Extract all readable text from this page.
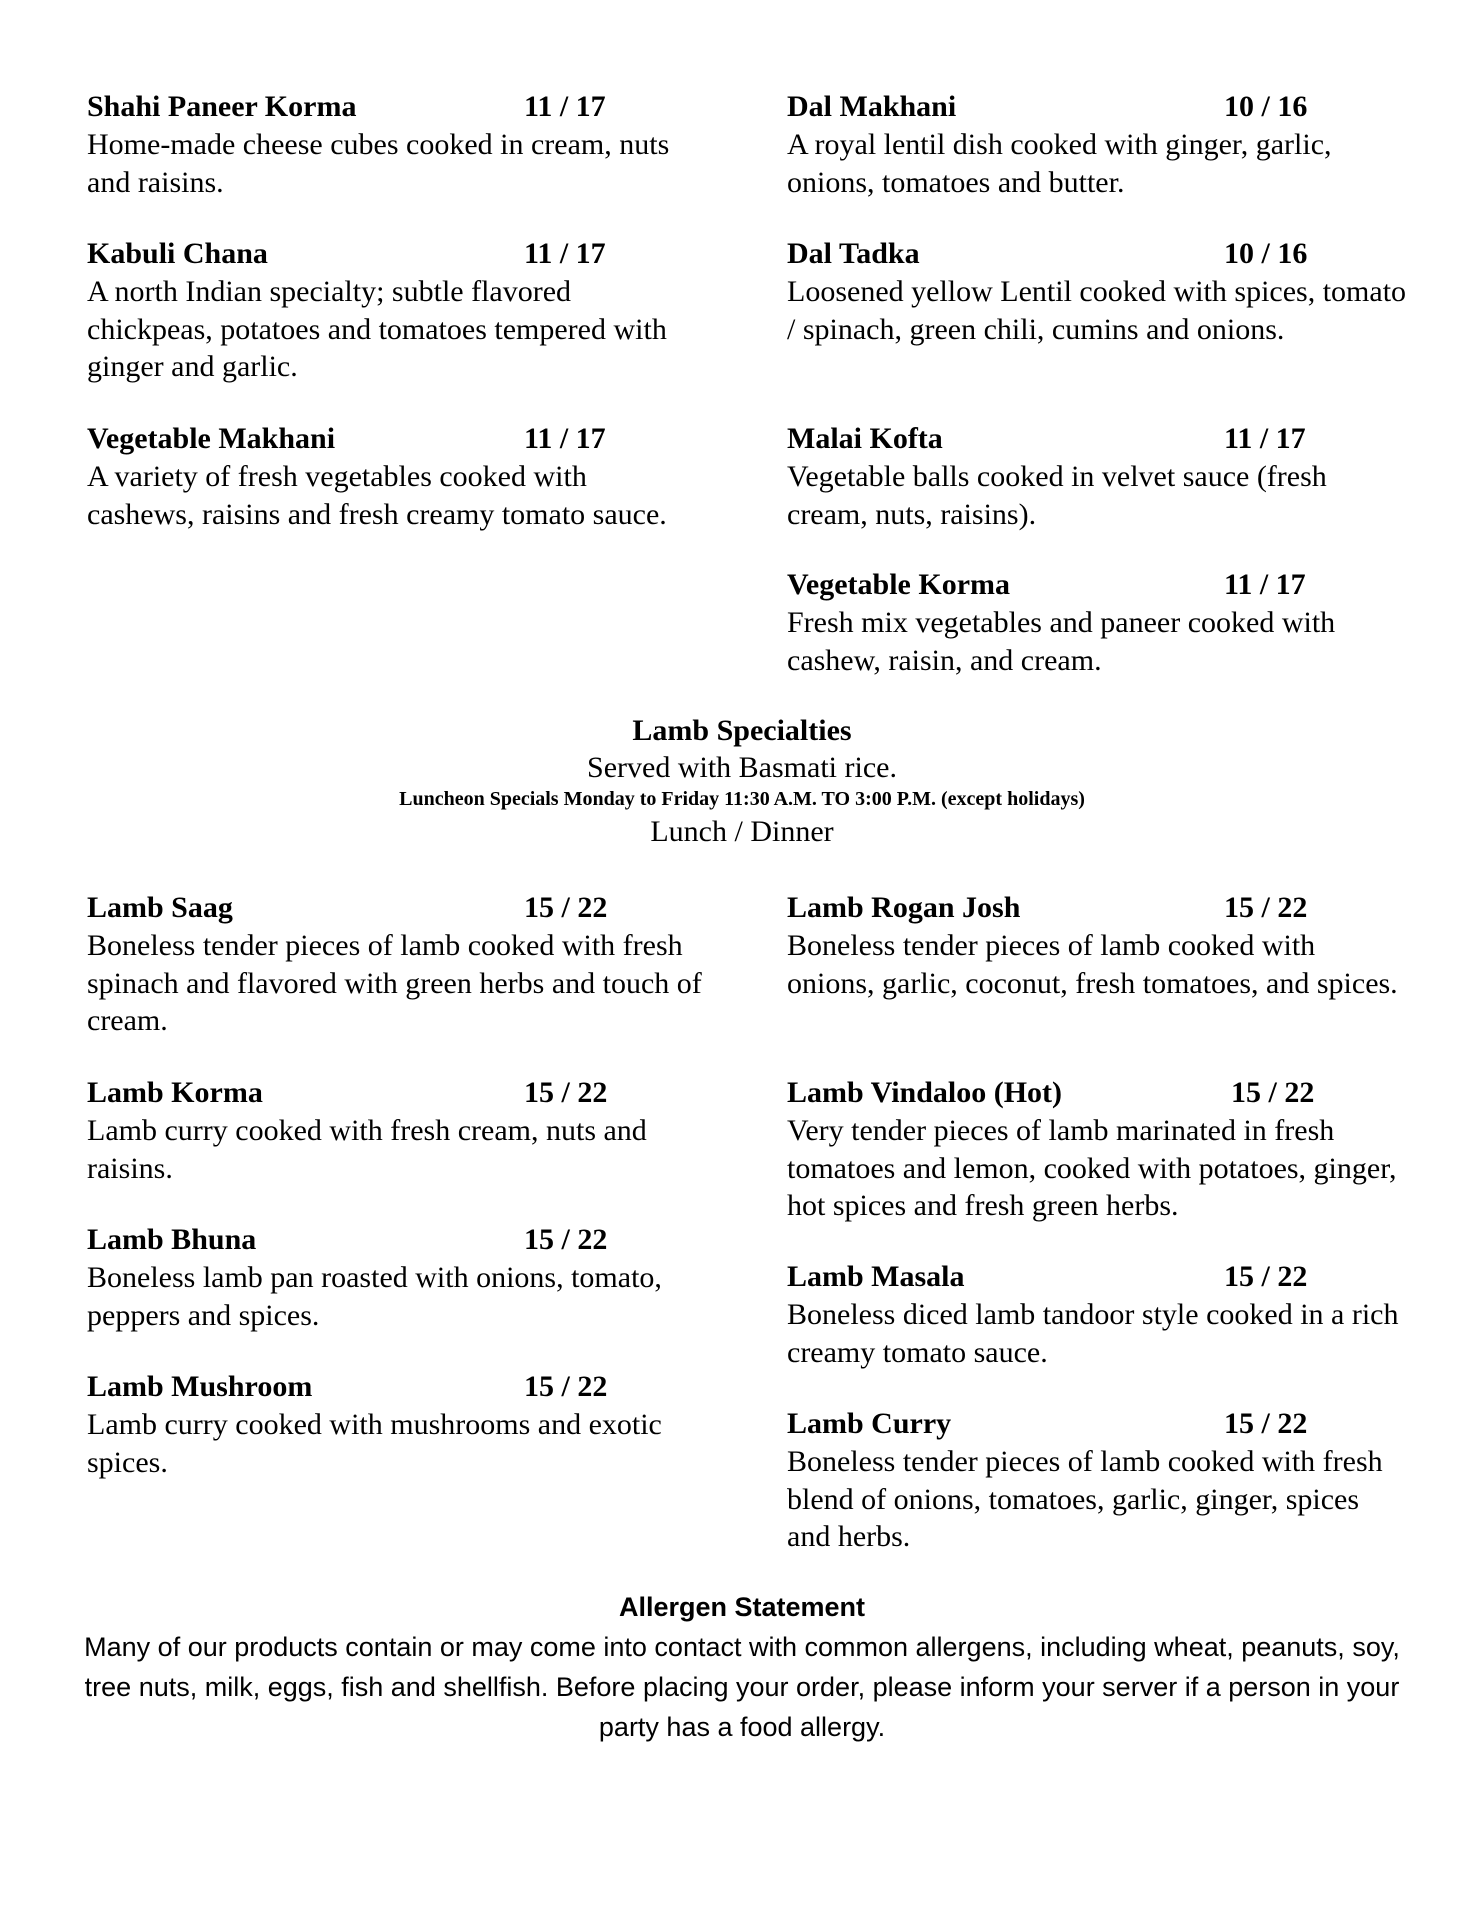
Shahi Paneer Korma	11 / 17
Home-made cheese cubes cooked in cream, nuts and raisins.
Kabuli Chana	11 / 17
A north Indian specialty; subtle flavored chickpeas, potatoes and tomatoes tempered with ginger and garlic.
Vegetable Makhani	11 / 17
A variety of fresh vegetables cooked with cashews, raisins and fresh creamy tomato sauce.
Dal Makhani	10 / 16
A royal lentil dish cooked with ginger, garlic, onions, tomatoes and butter.
Dal Tadka	10 / 16
Loosened yellow Lentil cooked with spices, tomato / spinach, green chili, cumins and onions.
Malai Kofta	11 / 17
Vegetable balls cooked in velvet sauce (fresh cream, nuts, raisins).
Vegetable Korma	11 / 17
Fresh mix vegetables and paneer cooked with cashew, raisin, and cream.
Lamb Specialties
Served with Basmati rice.
Luncheon Specials Monday to Friday 11:30 A.M. TO 3:00 P.M. (except holidays)
Lunch / Dinner
Lamb Saag	15 / 22
Boneless tender pieces of lamb cooked with fresh spinach and flavored with green herbs and touch of cream.
Lamb Korma	15 / 22
Lamb curry cooked with fresh cream, nuts and raisins.
Lamb Bhuna	15 / 22
Boneless lamb pan roasted with onions, tomato, peppers and spices.
Lamb Mushroom	15 / 22
Lamb curry cooked with mushrooms and exotic spices.
Lamb Rogan Josh	15 / 22
Boneless tender pieces of lamb cooked with onions, garlic, coconut, fresh tomatoes, and spices.
Lamb Vindaloo (Hot)	15 / 22
Very tender pieces of lamb marinated in fresh tomatoes and lemon, cooked with potatoes, ginger, hot spices and fresh green herbs.
Lamb Masala	15 / 22
Boneless diced lamb tandoor style cooked in a rich creamy tomato sauce.
Lamb Curry	15 / 22
Boneless tender pieces of lamb cooked with fresh blend of onions, tomatoes, garlic, ginger, spices and herbs.
Allergen Statement
Many of our products contain or may come into contact with common allergens, including wheat, peanuts, soy, tree nuts, milk, eggs, fish and shellfish. Before placing your order, please inform your server if a person in your party has a food allergy.
